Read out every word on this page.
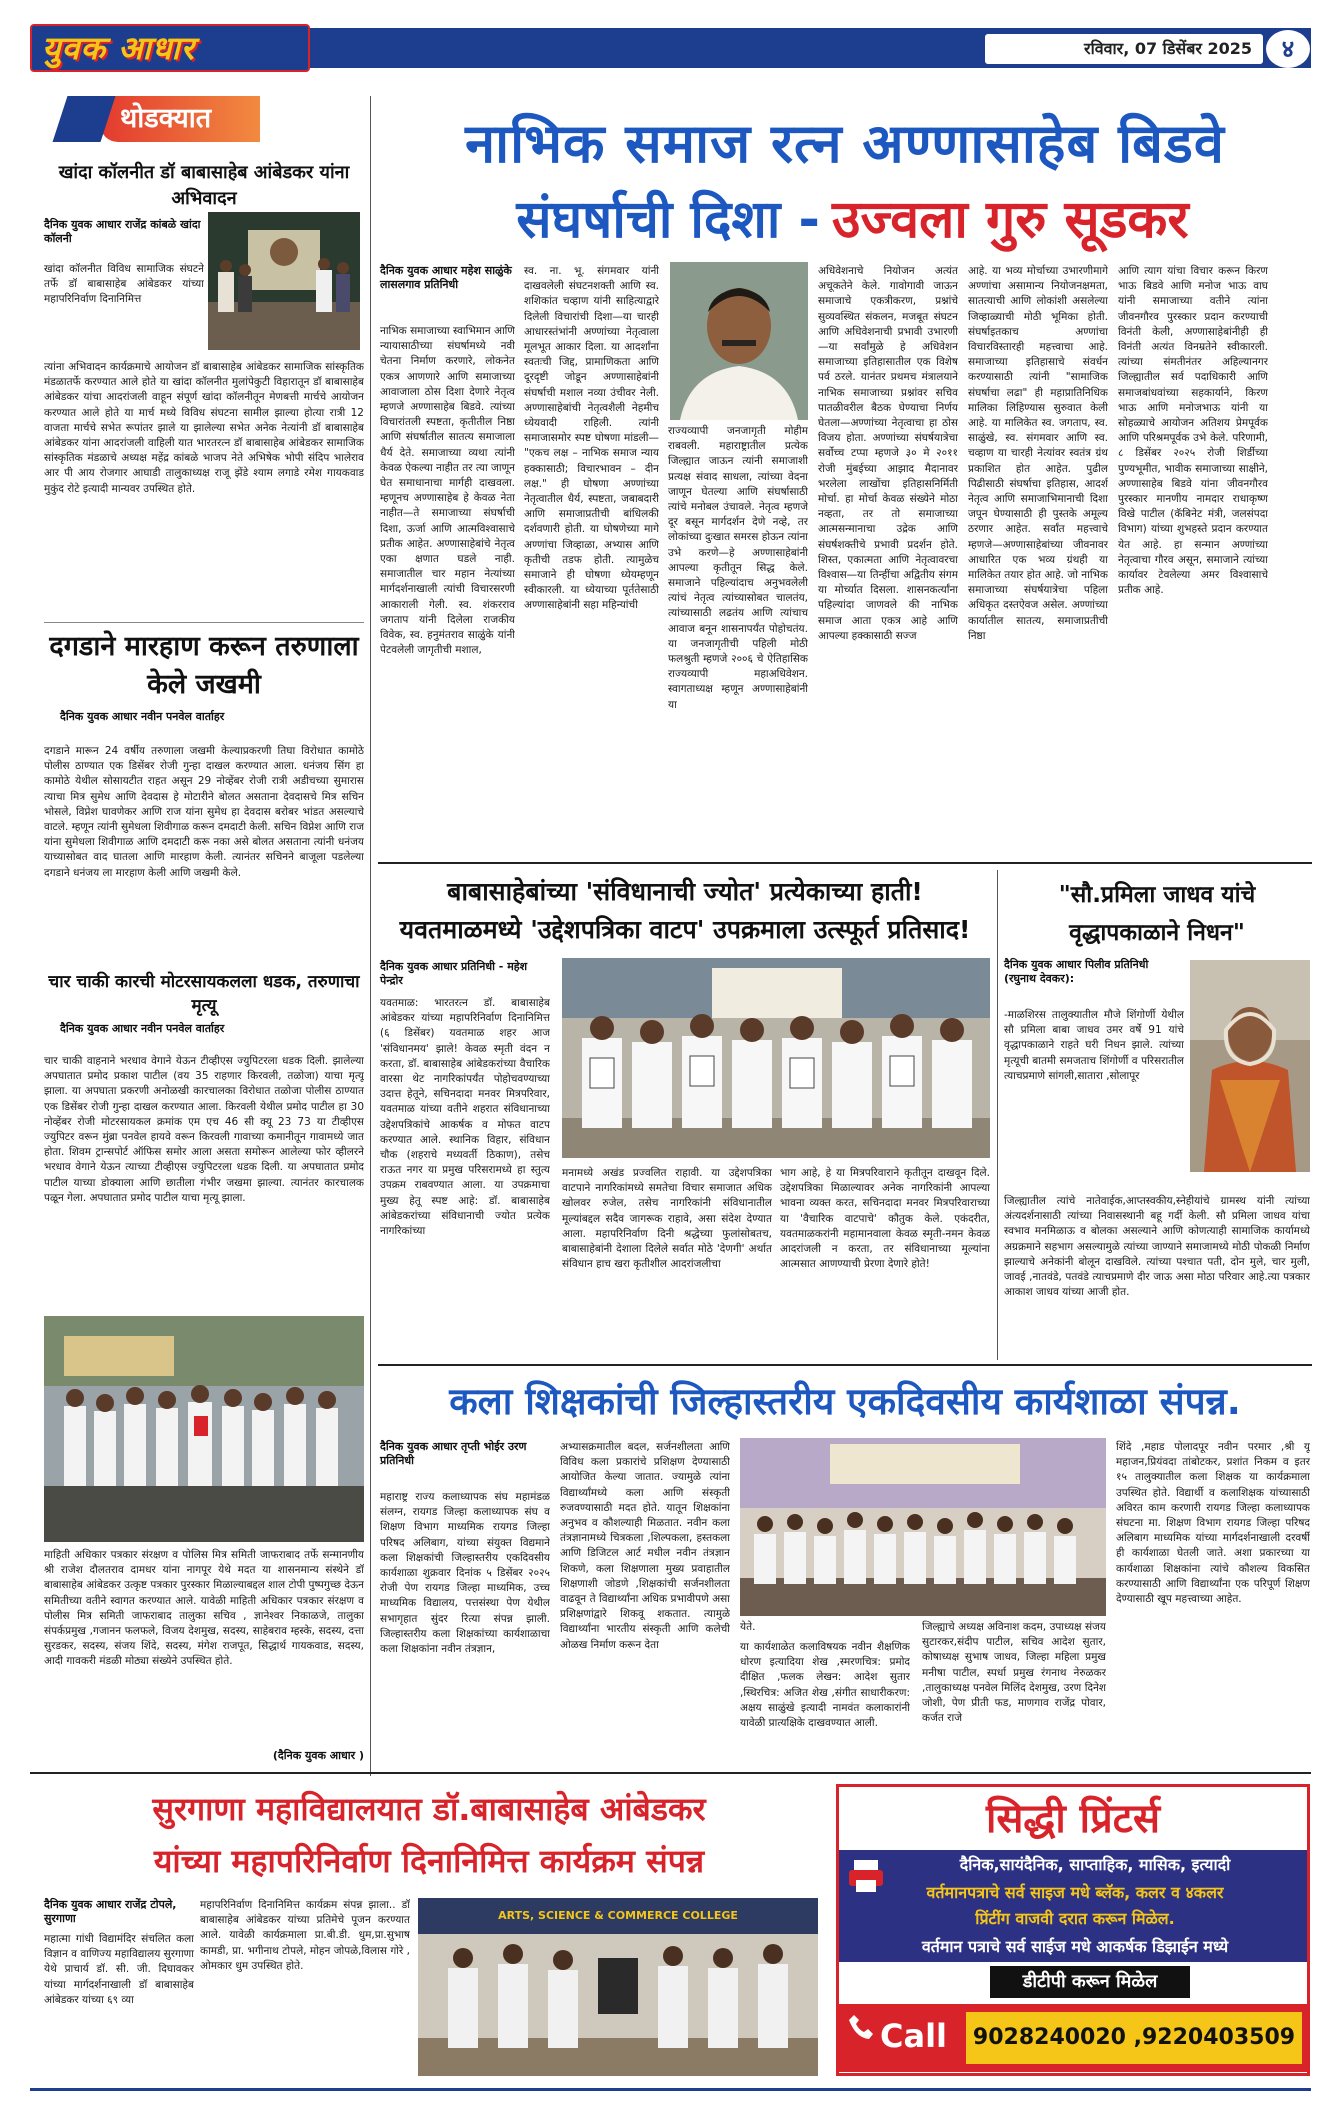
युवक आधार	रविवार, 07 डिसेंबर 2025	४
थोडक्यात
खांदा कॉलनीत डॉ बाबासाहेब आंबेडकर यांना अभिवादन
दैनिक युवक आधार राजेंद्र कांबळे खांदा कॉलनी
खांदा कॉलनीत विविध सामाजिक संघटने तर्फे डॉ बाबासाहेब आंबेडकर यांच्या महापरिनिर्वाण दिनानिमित्त
त्यांना अभिवादन कार्यक्रमाचे आयोजन डॉ बाबासाहेब आंबेडकर सामाजिक सांस्कृतिक मंडळातर्फे करण्यात आले होते या खांदा कॉलनीत मुलांपेकुटी विहारातून डॉ बाबासाहेब आंबेडकर यांचा आदरांजली वाहून संपूर्ण खांदा कॉलनीतून मेणबत्ती मार्चचे आयोजन करण्यात आले होते या मार्च मध्ये विविध संघटना सामील झाल्या होत्या रात्री 12 वाजता मार्चचे सभेत रूपांतर झाले या झालेल्या सभेत अनेक नेत्यांनी डॉ बाबासाहेब आंबेडकर यांना आदरांजली वाहिली यात भारतरत्न डॉ बाबासाहेब आंबेडकर सामाजिक सांस्कृतिक मंडळाचे अध्यक्ष महेंद्र कांबळे भाजप नेते अभिषेक भोपी संदिप भालेराव आर पी आय रोजगार आघाडी तालुकाध्यक्ष राजू झेंडे श्याम लगाडे रमेश गायकवाड मुकुंद रोटे इत्यादी मान्यवर उपस्थित होते.
दगडाने मारहाण करून तरुणाला केले जखमी
दैनिक युवक आधार नवीन पनवेल वार्ताहर
दगडाने मारून 24 वर्षीय तरुणाला जखमी केल्याप्रकरणी तिघा विरोधात कामोठे पोलीस ठाण्यात एक डिसेंबर रोजी गुन्हा दाखल करण्यात आला. धनंजय सिंग हा कामोठे येथील सोसायटीत राहत असून 29 नोव्हेंबर रोजी रात्री अडीचच्या सुमारास त्याचा मित्र सुमेध आणि देवदास हे मोटारीने बोलत असताना देवदासचे मित्र सचिन भोसले, विप्नेश घावणेकर आणि राज यांना सुमेध हा देवदास बरोबर भांडत असल्याचे वाटले. म्हणून त्यांनी सुमेधला शिवीगाळ करून दमदाटी केली. सचिन विप्नेश आणि राज यांना सुमेधला शिवीगाळ आणि दमदाटी करू नका असे बोलत असताना त्यांनी धनंजय याच्यासोबत वाद घातला आणि मारहाण केली. त्यानंतर सचिनने बाजूला पडलेल्या दगडाने धनंजय ला मारहाण केली आणि जखमी केले.
चार चाकी कारची मोटरसायकलला धडक, तरुणाचा मृत्यू
दैनिक युवक आधार नवीन पनवेल वार्ताहर
चार चाकी वाहनाने भरधाव वेगाने येऊन टीव्हीएस ज्युपिटरला धडक दिली. झालेल्या अपघातात प्रमोद प्रकाश पाटील (वय 35 राहणार किरवली, तळोजा) याचा मृत्यू झाला. या अपघाता प्रकरणी अनोळखी कारचालका विरोधात तळोजा पोलीस ठाण्यात एक डिसेंबर रोजी गुन्हा दाखल करण्यात आला. किरवली येथील प्रमोद पाटील हा 30 नोव्हेंबर रोजी मोटरसायकल क्रमांक एम एच 46 सी क्यू 23 73 या टीव्हीएस ज्युपिटर वरून मुंब्रा पनवेल हायवे वरून किरवली गावाच्या कमानीतून गावामध्ये जात होता. शिवम ट्रान्सपोर्ट ऑफिस समोर आला असता समोरून आलेल्या फोर व्हीलरने भरधाव वेगाने येऊन त्याच्या टीव्हीएस ज्युपिटरला धडक दिली. या अपघातात प्रमोद पाटील याच्या डोक्याला आणि छातीला गंभीर जखमा झाल्या. त्यानंतर कारचालक पळून गेला. अपघातात प्रमोद पाटील याचा मृत्यू झाला.
माहिती अधिकार पत्रकार संरक्षण व पोलिस मित्र समिती जाफराबाद तर्फे सन्मानणीय श्री राजेश दौलतराव दामधर यांना नागपूर येथे मदत या शासनमान्य संस्थेने डॉ बाबासाहेब आंबेडकर उत्कृष्ट पत्रकार पुरस्कार मिळाल्याबद्दल शाल टोपी पुष्पगुच्छ देऊन समितीच्या वतीने स्वागत करण्यात आले. यावेळी माहिती अधिकार पत्रकार संरक्षण व पोलीस मित्र समिती जाफराबाद तालुका सचिव , ज्ञानेश्वर निकाळजे, तालुका संपर्कप्रमुख ,गजानन फलफले, विजय देशमुख, सदस्य, साहेबराव म्हस्के, सदस्य, दत्ता सुरडकर, सदस्य, संजय शिंदे, सदस्य, मंगेश राजपूत, सिद्धार्थ गायकवाड, सदस्य, आदी गावकरी मंडळी मोठ्या संख्येने उपस्थित होते.
(दैनिक युवक आधार )
नाभिक समाज रत्न अण्णासाहेब बिडवे
संघर्षाची दिशा - उज्वला गुरु सूडकर
दैनिक युवक आधार महेश साळुंके लासलगाव प्रतिनिधी
नाभिक समाजाच्या स्वाभिमान आणि न्यायासाठीच्या संघर्षामध्ये नवी चेतना निर्माण करणारे, लोकनेत एकत्र आणणारे आणि समाजाच्या आवाजाला ठोस दिशा देणारे नेतृत्व म्हणजे अण्णासाहेब बिडवे. त्यांच्या विचारांतली स्पष्टता, कृतीतील निष्ठा आणि संघर्षातील सातत्य समाजाला धैर्य देते. समाजाच्या व्यथा त्यांनी केवळ ऐकल्या नाहीत तर त्या जाणून घेत समाधानाचा मार्गही दाखवला. म्हणूनच अण्णासाहेब हे केवळ नेता नाहीत—ते समाजाच्या संघर्षाची दिशा, ऊर्जा आणि आत्मविश्वासाचे प्रतीक आहेत. अण्णासाहेबांचे नेतृत्व एका क्षणात घडले नाही. समाजातील चार महान नेत्यांच्या मार्गदर्शनाखाली त्यांची विचारसरणी आकाराली गेली. स्व. शंकरराव जगताप यांनी दिलेला राजकीय विवेक, स्व. हनुमंतराव साळुंके यांनी पेटवलेली जागृतीची मशाल,
स्व. ना. भू. संगमवार यांनी दाखवलेली संघटनशक्ती आणि स्व. शशिकांत चव्हाण यांनी साहित्याद्वारे दिलेली विचारांची दिशा—या चारही आधारस्तंभांनी अण्णांच्या नेतृत्वाला मूलभूत आकार दिला. या आदर्शांना स्वतःची जिद्द, प्रामाणिकता आणि दूरदृष्टी जोडून अण्णासाहेबांनी संघर्षाची मशाल नव्या उंचीवर नेली. अण्णासाहेबांची नेतृत्वशैली नेहमीच ध्येयवादी राहिली. त्यांनी समाजासमोर स्पष्ट घोषणा मांडली— "एकच लक्ष – नाभिक समाज न्याय हक्कासाठी; विचारभावन – दीन लक्ष." ही घोषणा अण्णांच्या नेतृत्वातील धैर्य, स्पष्टता, जबाबदारी आणि समाजाप्रतीची बांधिलकी दर्शवणारी होती. या घोषणेच्या मागे अण्णांचा जिव्हाळा, अभ्यास आणि कृतीची तडफ होती. त्यामुळेच समाजाने ही घोषणा ध्येयम्हणून स्वीकारली. या ध्येयाच्या पूर्ततेसाठी अण्णासाहेबांनी सहा महिन्यांची
राज्यव्यापी जनजागृती मोहीम राबवली. महाराष्ट्रातील प्रत्येक जिल्ह्यात जाऊन त्यांनी समाजाशी प्रत्यक्ष संवाद साधला, त्यांच्या वेदना जाणून घेतल्या आणि संघर्षासाठी त्यांचे मनोबल उंचावले. नेतृत्व म्हणजे दूर बसून मार्गदर्शन देणे नव्हे, तर लोकांच्या दुःखात समरस होऊन त्यांना उभे करणे—हे अण्णासाहेबांनी आपल्या कृतीतून सिद्ध केले. समाजाने पहिल्यांदाच अनुभवलेली त्यांचं नेतृत्व त्यांच्यासोबत चालतंय, त्यांच्यासाठी लढतंय आणि त्यांचाच आवाज बनून शासनापर्यंत पोहोचतंय. या जनजागृतीची पहिली मोठी फलश्रुती म्हणजे २००६ चे ऐतिहासिक राज्यव्यापी महाअधिवेशन. स्वागताध्यक्ष म्हणून अण्णासाहेबांनी या
अधिवेशनाचे नियोजन अत्यंत अचूकतेने केले. गावोगावी जाऊन समाजाचे एकत्रीकरण, प्रश्नांचे सुव्यवस्थित संकलन, मजबूत संघटन आणि अधिवेशनाची प्रभावी उभारणी—या सर्वांमुळे हे अधिवेशन समाजाच्या इतिहासातील एक विशेष पर्व ठरले. यानंतर प्रथमच मंत्रालयाने नाभिक समाजाच्या प्रश्नांवर सचिव पातळीवरील बैठक घेण्याचा निर्णय घेतला—अण्णांच्या नेतृत्वाचा हा ठोस विजय होता. अण्णांच्या संघर्षयात्रेचा सर्वोच्च टप्पा म्हणजे ३० मे २०११ रोजी मुंबईच्या आझाद मैदानावर भरलेला लाखोंचा इतिहासनिर्मिती मोर्चा. हा मोर्चा केवळ संख्येने मोठा नव्हता, तर तो समाजाच्या आत्मसन्मानाचा उद्रेक आणि संघर्षशक्तीचे प्रभावी प्रदर्शन होते. शिस्त, एकात्मता आणि नेतृत्वावरचा विश्वास—या तिन्हींचा अद्वितीय संगम या मोर्च्यात दिसला. शासनकर्त्यांना पहिल्यांदा जाणवले की नाभिक समाज आता एकत्र आहे आणि आपल्या हक्कासाठी सज्ज
आहे. या भव्य मोर्चाच्या उभारणीमागे अण्णांचा असामान्य नियोजनक्षमता, सातत्याची आणि लोकांशी असलेल्या जिव्हाळ्याची मोठी भूमिका होती. संघर्षाइतकाच अण्णांचा विचारविस्तारही महत्त्वाचा आहे. समाजाच्या इतिहासाचे संवर्धन करण्यासाठी त्यांनी "सामाजिक संघर्षाचा लढा" ही महाप्रातिनिधिक मालिका लिहिण्यास सुरुवात केली आहे. या मालिकेत स्व. जगताप, स्व. साळुंखे, स्व. संगमवार आणि स्व. चव्हाण या चारही नेत्यांवर स्वतंत्र ग्रंथ प्रकाशित होत आहेत. पुढील पिढीसाठी संघर्षाचा इतिहास, आदर्श नेतृत्व आणि समाजाभिमानाची दिशा जपून घेण्यासाठी ही पुस्तके अमूल्य ठरणार आहेत. सर्वांत महत्त्वाचे म्हणजे—अण्णासाहेबांच्या जीवनावर आधारित एक भव्य ग्रंथही या मालिकेत तयार होत आहे. जो नाभिक समाजाच्या संघर्षयात्रेचा पहिला अधिकृत दस्तऐवज असेल. अण्णांच्या कार्यातील सातत्य, समाजाप्रतीची निष्ठा
आणि त्याग यांचा विचार करून किरण भाऊ बिडवे आणि मनोज भाऊ वाघ यांनी समाजाच्या वतीने त्यांना जीवनगौरव पुरस्कार प्रदान करण्याची विनंती केली, अण्णासाहेबांनीही ही विनंती अत्यंत विनम्रतेने स्वीकारली. त्यांच्या संमतीनंतर अहिल्यानगर जिल्ह्यातील सर्व पदाधिकारी आणि समाजबांधवांच्या सहकार्याने, किरण भाऊ आणि मनोजभाऊ यांनी या सोहळ्याचे आयोजन अतिशय प्रेमपूर्वक आणि परिश्रमपूर्वक उभे केले. परिणामी, ८ डिसेंबर २०२५ रोजी शिर्डीच्या पुण्यभूमीत, भावीक समाजाच्या साक्षीने, अण्णासाहेब बिडवे यांना जीवनगौरव पुरस्कार मानणीय नामदार राधाकृष्ण विखे पाटील (कॅबिनेट मंत्री, जलसंपदा विभाग) यांच्या शुभहस्ते प्रदान करण्यात येत आहे. हा सन्मान अण्णांच्या नेतृत्वाचा गौरव असून, समाजाने त्यांच्या कार्यावर टेवलेल्या अमर विश्वासाचे प्रतीक आहे.
बाबासाहेबांच्या 'संविधानाची ज्योत' प्रत्येकाच्या हाती!
यवतमाळमध्ये 'उद्देशपत्रिका वाटप' उपक्रमाला उत्स्फूर्त प्रतिसाद!
दैनिक युवक आधार प्रतिनिधी - महेश पेन्द्रोर
यवतमाळ: भारतरत्न डॉ. बाबासाहेब आंबेडकर यांच्या महापरिनिर्वाण दिनानिमित्त (६ डिसेंबर) यवतमाळ शहर आज 'संविधानमय' झाले! केवळ स्मृती वंदन न करता, डॉ. बाबासाहेब आंबेडकरांच्या वैचारिक वारसा थेट नागरिकांपर्यंत पोहोचवण्याच्या उदात्त हेतूने, सचिनदादा मनवर मित्रपरिवार, यवतमाळ यांच्या वतीने शहरात संविधानाच्या उद्देशपत्रिकांचे आकर्षक व मोफत वाटप करण्यात आले. स्थानिक विहार, संविधान चौक (शहराचे मध्यवर्ती ठिकाण), तसेच राऊत नगर या प्रमुख परिसरामध्ये हा स्तुत्य उपक्रम राबवण्यात आला. या उपक्रमाचा मुख्य हेतू स्पष्ट आहे: डॉ. बाबासाहेब आंबेडकरांच्या संविधानाची ज्योत प्रत्येक नागरिकांच्या
मनामध्ये अखंड प्रज्वलित राहावी. या उद्देशपत्रिका वाटपाने नागरिकांमध्ये समतेचा विचार समाजात अधिक खोलवर रुजेल, तसेच नागरिकांनी संविधानातील मूल्यांबद्दल सदैव जागरूक राहावे, असा संदेश देण्यात आला. महापरिनिर्वाण दिनी श्रद्धेच्या फुलांसोबतच, बाबासाहेबांनी देशाला दिलेले सर्वात मोठे 'देणगी' अर्थात संविधान हाच खरा कृतीशील आदरांजलीचा
भाग आहे, हे या मित्रपरिवाराने कृतीतून दाखवून दिले. उद्देशपत्रिका मिळाल्यावर अनेक नागरिकांनी आपल्या भावना व्यक्त करत, सचिनदादा मनवर मित्रपरिवाराच्या या 'वैचारिक वाटपाचे' कौतुक केले. एकंदरीत, यवतमाळकरांनी महामानवाला केवळ स्मृती-नमन केवळ आदरांजली न करता, तर संविधानाच्या मूल्यांना आत्मसात आणण्याची प्रेरणा देणारे होते!
"सौ.प्रमिला जाधव यांचे वृद्धापकाळाने निधन"
दैनिक युवक आधार पिलीव प्रतिनिधी (रघुनाथ देवकर):
-माळशिरस तालुक्यातील मौजे शिंगोर्णी येथील सौ प्रमिला बाबा जाधव उमर वर्षे 91 यांचे वृद्धापकाळाने राहते घरी निधन झाले. त्यांच्या मृत्यूची बातमी समजताच शिंगोर्णी व परिसरातील त्याचप्रमाणे सांगली,सातारा ,सोलापूर
जिल्ह्यातील त्यांचे नातेवाईक,आप्तस्वकीय,स्नेहीयांचे ग्रामस्थ यांनी त्यांच्या अंत्यदर्शनासाठी त्यांच्या निवासस्थानी बहू गर्दी केली. सौ प्रमिला जाधव यांचा स्वभाव मनमिळाऊ व बोलका असल्याने आणि कोणत्याही सामाजिक कार्यामध्ये अग्रक्रमाने सहभाग असल्यामुळे त्यांच्या जाण्याने समाजामध्ये मोठी पोकळी निर्माण झाल्याचे अनेकांनी बोलून दाखविले. त्यांच्या पश्चात पती, दोन मुले, चार मुली, जावई ,नातवंडे, पतवंडे त्याचप्रमाणे दीर जाऊ असा मोठा परिवार आहे.त्या पत्रकार आकाश जाधव यांच्या आजी होत.
कला शिक्षकांची जिल्हास्तरीय एकदिवसीय कार्यशाळा संपन्न.
दैनिक युवक आधार तृप्ती भोईर उरण प्रतिनिधी
महाराष्ट्र राज्य कलाध्यापक संघ महामंडळ संलग्न, रायगड जिल्हा कलाध्यापक संघ व शिक्षण विभाग माध्यमिक रायगड जिल्हा परिषद अलिबाग, यांच्या संयुक्त विद्यमाने कला शिक्षकांची जिल्हास्तरीय एकदिवसीय कार्यशाळा शुक्रवार दिनांक ५ डिसेंबर २०२५ रोजी पेण रायगड जिल्हा माध्यमिक, उच्च माध्यमिक विद्यालय, पत्तसंस्था पेण येथील सभागृहात सुंदर रित्या संपन्न झाली. जिल्हास्तरीय कला शिक्षकांच्या कार्यशाळाचा कला शिक्षकांना नवीन तंत्रज्ञान,
अभ्यासक्रमातील बदल, सर्जनशीलता आणि विविध कला प्रकारांचे प्रशिक्षण देण्यासाठी आयोजित केल्या जातात. ज्यामुळे त्यांना विद्यार्थ्यांमध्ये कला आणि संस्कृती रुजवण्यासाठी मदत होते. यातून शिक्षकांना अनुभव व कौशल्याही मिळतात. नवीन कला तंत्रज्ञानामध्ये चित्रकला ,शिल्पकला, हस्तकला आणि डिजिटल आर्ट मधील नवीन तंत्रज्ञान शिकणे, कला शिक्षणाला मुख्य प्रवाहातील शिक्षणाशी जोडणे ,शिक्षकांची सर्जनशीलता वाढवून ते विद्यार्थ्यांना अधिक प्रभावीपणे असा प्रशिक्षणांद्वारे शिकवू शकतात. त्यामुळे विद्यार्थ्यांना भारतीय संस्कृती आणि कलेची ओळख निर्माण करून देता
येते.
या कार्यशाळेत कलाविषयक नवीन शैक्षणिक धोरण इत्यादिया शेख ,स्मरणचित्र: प्रमोद दीक्षित ,फलक लेखन: आदेश सुतार ,स्थिरचित्र: अजित शेख ,संगीत साधारीकरण: अक्षय साळुंखे इत्यादी नामवंत कलाकारांनी यावेळी प्रात्यक्षिके दाखवण्यात आली.
जिल्ह्याचे अध्यक्ष अविनाश कदम, उपाध्यक्ष संजय सुटारकर,संदीप पाटील, सचिव आदेश सुतार, कोषाध्यक्ष सुभाष जाधव, जिल्हा महिला प्रमुख मनीषा पाटील, स्पर्धा प्रमुख रंगनाथ नेरुळकर ,तालुकाध्यक्ष पनवेल मिलिंद देशमुख, उरण दिनेश जोशी, पेण प्रीती फड, माणगाव राजेंद्र पोवार, कर्जत राजे
शिंदे ,महाड पोलादपूर नवीन परमार ,श्री यू महाजन,प्रियंवदा तांबोटकर, प्रशांत निकम व इतर १५ तालुक्यातील कला शिक्षक या कार्यक्रमाला उपस्थित होते. विद्यार्थी व कलाशिक्षक यांच्यासाठी अविरत काम करणारी रायगड जिल्हा कलाध्यापक संघटना मा. शिक्षण विभाग रायगड जिल्हा परिषद अलिबाग माध्यमिक यांच्या मार्गदर्शनाखाली दरवर्षी ही कार्यशाळा घेतली जाते. अशा प्रकारच्या या कार्यशाळा शिक्षकांना त्यांचे कौशल्य विकसित करण्यासाठी आणि विद्यार्थ्यांना एक परिपूर्ण शिक्षण देण्यासाठी खूप महत्त्वाच्या आहेत.
सुरगाणा महाविद्यालयात डॉ.बाबासाहेब आंबेडकर
यांच्या महापरिनिर्वाण दिनानिमित्त कार्यक्रम संपन्न
दैनिक युवक आधार राजेंद्र टोपले, सुरगाणा
महात्मा गांधी विद्यामंदिर संचलित कला विज्ञान व वाणिज्य महाविद्यालय सुरगाणा येथे प्राचार्य डॉ. सी. जी. दिघावकर यांच्या मार्गदर्शनाखाली डॉ बाबासाहेब आंबेडकर यांच्या ६९ व्या
महापरिनिर्वाण दिनानिमित्त कार्यक्रम संपन्न झाला.. डॉ बाबासाहेब आंबेडकर यांच्या प्रतिमेचे पूजन करण्यात आले. यावेळी कार्यक्रमाला प्रा.बी.डी. धुम,प्रा.सुभाष कामडी, प्रा. भगीनाथ टोपले, मोहन जोपळे,विलास गोरे , ओमकार धुम उपस्थित होते.
ARTS, SCIENCE & COMMERCE COLLEGE
सिद्धी प्रिंटर्स
दैनिक,सायंदैनिक, साप्ताहिक, मासिक, इत्यादी
वर्तमानपत्राचे सर्व साइज मधे ब्लॅक, कलर व ४कलर
प्रिंटींग वाजवी दरात करून मिळेल.
वर्तमान पत्राचे सर्व साईज मधे आकर्षक डिझाईन मध्ये
डीटीपी करून मिळेल
Call	9028240020 ,9220403509
